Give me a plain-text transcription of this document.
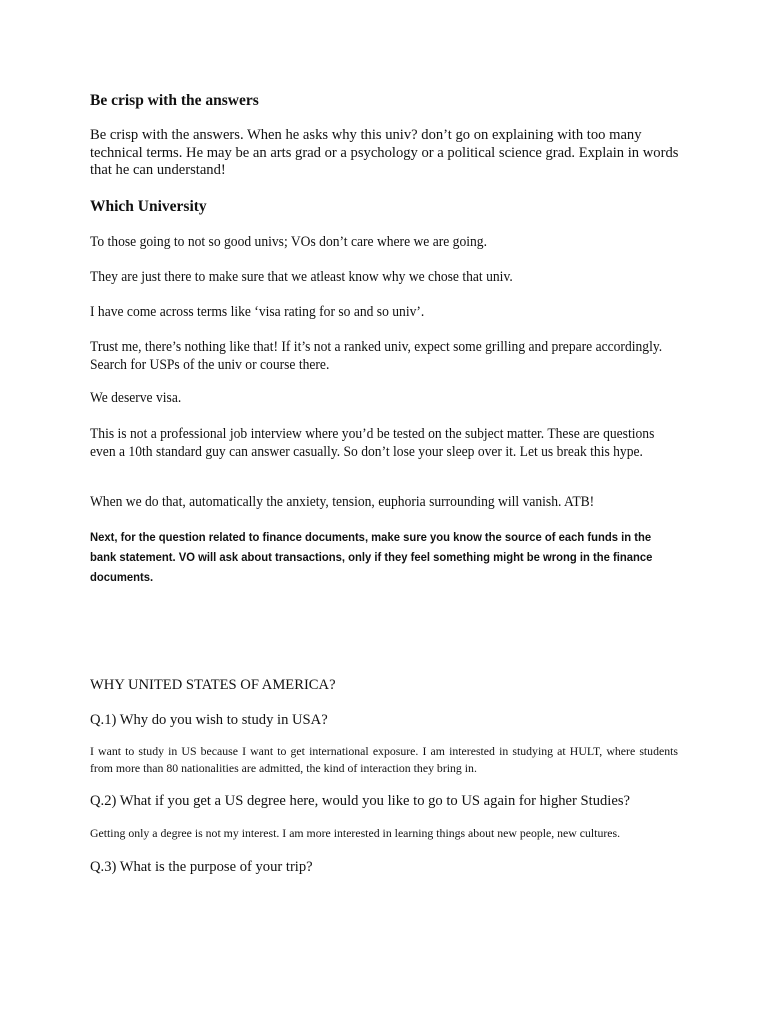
Be crisp with the answers

Be crisp with the answers. When he asks why this univ? don’t go on explaining with too many technical terms. He may be an arts grad or a psychology or a political science grad. Explain in words that he can understand!

Which University

To those going to not so good univs; VOs don’t care where we are going.

They are just there to make sure that we atleast know why we chose that univ.

I have come across terms like ‘visa rating for so and so univ’.

Trust me, there’s nothing like that! If it’s not a ranked univ, expect some grilling and prepare accordingly. Search for USPs of the univ or course there.

We deserve visa.

This is not a professional job interview where you’d be tested on the subject matter. These are questions even a 10th standard guy can answer casually. So don’t lose your sleep over it. Let us break this hype.

When we do that, automatically the anxiety, tension, euphoria surrounding will vanish. ATB!

Next, for the question related to finance documents, make sure you know the source of each funds in the bank statement. VO will ask about transactions, only if they feel something might be wrong in the finance documents.

WHY UNITED STATES OF AMERICA?

Q.1) Why do you wish to study in USA?

I want to study in US because I want to get international exposure. I am interested in studying at HULT, where students from more than 80 nationalities are admitted, the kind of interaction they bring in.

Q.2) What if you get a US degree here, would you like to go to US again for higher Studies?

Getting only a degree is not my interest. I am more interested in learning things about new people, new cultures.

Q.3) What is the purpose of your trip?
